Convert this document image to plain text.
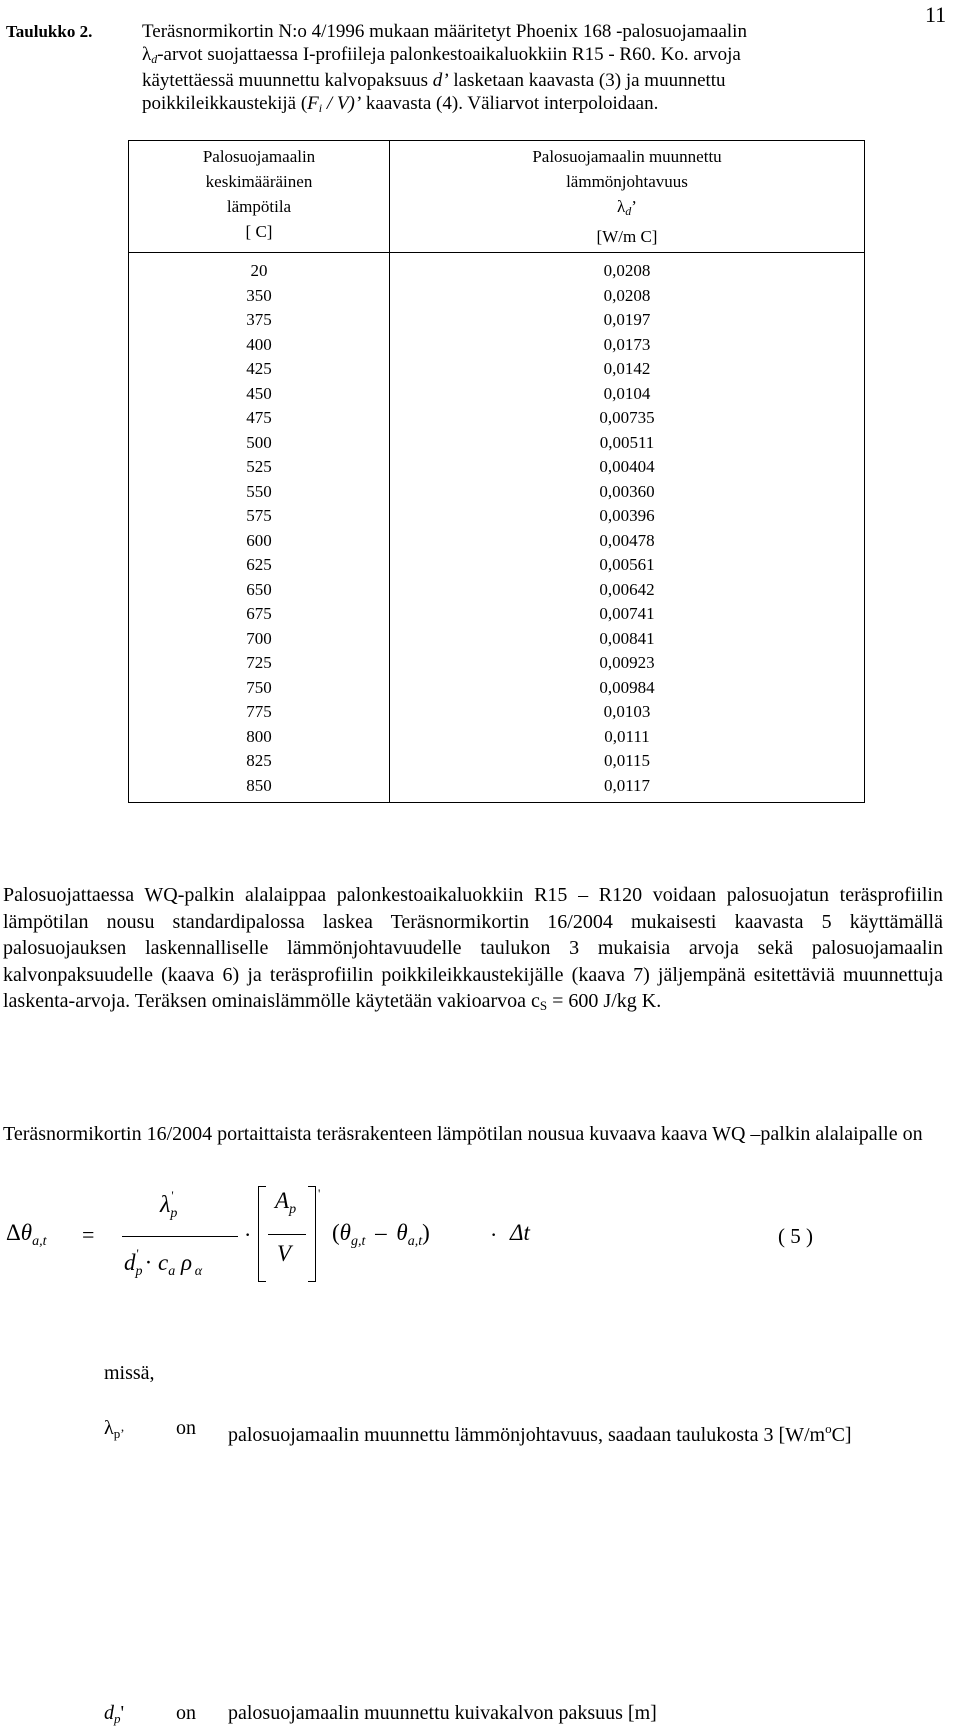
11
Taulukko 2.	Teräsnormikortin N:o 4/1996 mukaan määritetyt Phoenix 168 -palosuojamaalin
$\lambda_d$-arvot suojattaessa I-profiileja palonkestoaikaluokkiin R15 - R60. Ko. arvoja
käytettäessä muunnettu kalvopaksuus d’ lasketaan kaavasta (3) ja muunnettu
poikkileikkaustekijä $(F_i / V)$’ kaavasta (4). Väliarvot interpoloidaan.
Palosuojamaalin
keskimääräinen
lämpötila
[ C]	Palosuojamaalin muunnettu
lämmönjohtavuus
$\lambda_d$’
[W/m C]
20	0,0208
350	0,0208
375	0,0197
400	0,0173
425	0,0142
450	0,0104
475	0,00735
500	0,00511
525	0,00404
550	0,00360
575	0,00396
600	0,00478
625	0,00561
650	0,00642
675	0,00741
700	0,00841
725	0,00923
750	0,00984
775	0,0103
800	0,0111
825	0,0115
850	0,0117
Palosuojattaessa WQ-palkin alalaippaa palonkestoaikaluokkiin R15 – R120 voidaan palosuojatun teräsprofiilin lämpötilan nousu standardipalossa laskea Teräsnormikortin 16/2004 mukaisesti kaavasta 5 käyttämällä palosuojauksen laskennalliselle lämmönjohtavuudelle taulukon 3 mukaisia arvoja sekä palosuojamaalin kalvonpaksuudelle (kaava 6) ja teräsprofiilin poikkileikkaustekijälle (kaava 7) jäljempänä esitettäviä muunnettuja laskenta-arvoja. Teräksen ominaislämmölle käytetään vakioarvoa cS = 600 J/kg K.
Teräsnormikortin 16/2004 portaittaista teräsrakenteen lämpötilan nousua kuvaava kaava WQ –palkin alalaipalle on
$\Delta\theta_{a,t}$ =
$\lambda_p'$
$d_p' \cdot c_a$ ρ $_\alpha$
·
$A_p$
V
'
$(\theta_{g,t} - \theta_{a,t})$	· Δt	( 5 )
missä,
$\lambda_{p’}$	on palosuojamaalin muunnettu lämmönjohtavuus, saadaan taulukosta 3 $[W/m^oC]$
$d_p'$	on palosuojamaalin muunnettu kuivakalvon paksuus [m]
